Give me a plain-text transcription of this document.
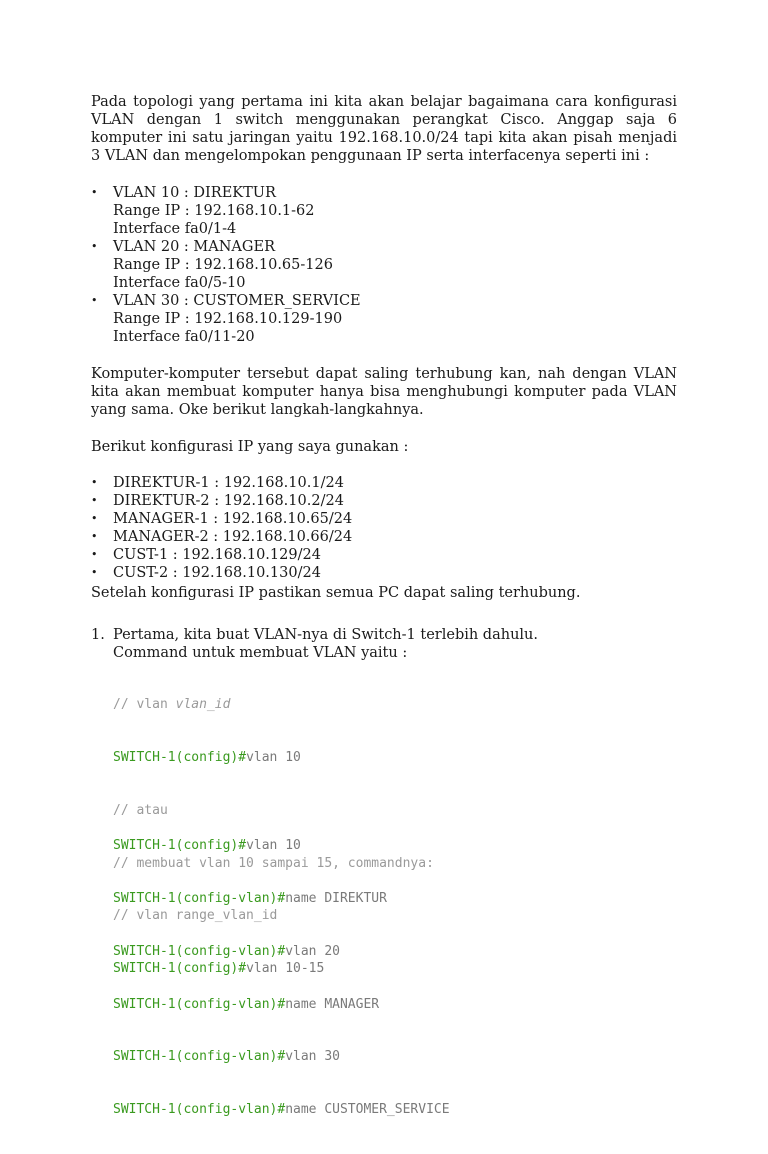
Pada topologi yang pertama ini kita akan belajar bagaimana cara konfigurasi VLAN dengan 1 switch menggunakan perangkat Cisco. Anggap saja 6 komputer ini satu jaringan yaitu 192.168.10.0/24 tapi kita akan pisah menjadi 3 VLAN dan mengelompokan penggunaan IP serta interfacenya seperti ini :
• VLAN 10 : DIREKTUR
Range IP : 192.168.10.1-62
Interface fa0/1-4
• VLAN 20 : MANAGER
Range IP : 192.168.10.65-126
Interface fa0/5-10
• VLAN 30 : CUSTOMER_SERVICE
Range IP : 192.168.10.129-190
Interface fa0/11-20
Komputer-komputer tersebut dapat saling terhubung kan, nah dengan VLAN kita akan membuat komputer hanya bisa menghubungi komputer pada VLAN yang sama. Oke berikut langkah-langkahnya.
Berikut konfigurasi IP yang saya gunakan :
• DIREKTUR-1 : 192.168.10.1/24
• DIREKTUR-2 : 192.168.10.2/24
• MANAGER-1 : 192.168.10.65/24
• MANAGER-2 : 192.168.10.66/24
• CUST-1 : 192.168.10.129/24
• CUST-2 : 192.168.10.130/24
Setelah konfigurasi IP pastikan semua PC dapat saling terhubung.
1. Pertama, kita buat VLAN-nya di Switch-1 terlebih dahulu.
Command untuk membuat VLAN yaitu :

// vlan vlan_id

SWITCH-1(config)#vlan 10

// atau

// membuat vlan 10 sampai 15, commandnya:

// vlan range_vlan_id

SWITCH-1(config)#vlan 10-15

SWITCH-1(config)#vlan 10

SWITCH-1(config-vlan)#name DIREKTUR

SWITCH-1(config-vlan)#vlan 20

SWITCH-1(config-vlan)#name MANAGER

SWITCH-1(config-vlan)#vlan 30

SWITCH-1(config-vlan)#name CUSTOMER_SERVICE
